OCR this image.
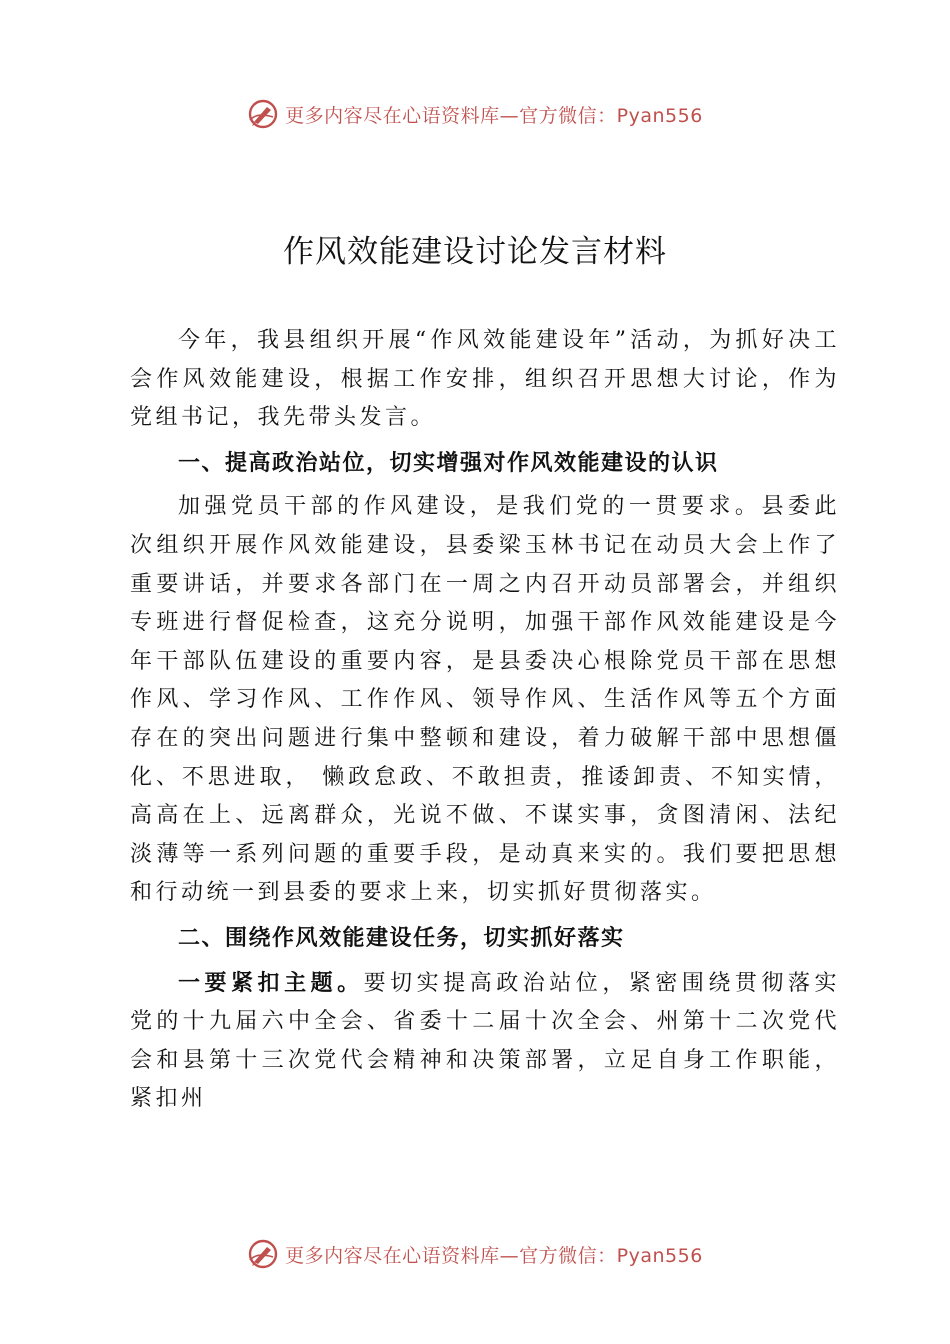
更多内容尽在心语资料库—官方微信：Pyan556
作风效能建设讨论发言材料

今年，我县组织开展“作风效能建设年”活动，为抓好决工会作风效能建设，根据工作安排，组织召开思想大讨论，作为党组书记，我先带头发言。

一、提高政治站位，切实增强对作风效能建设的认识

加强党员干部的作风建设，是我们党的一贯要求。县委此次组织开展作风效能建设，县委梁玉林书记在动员大会上作了重要讲话，并要求各部门在一周之内召开动员部署会，并组织专班进行督促检查，这充分说明，加强干部作风效能建设是今年干部队伍建设的重要内容，是县委决心根除党员干部在思想作风、学习作风、工作作风、领导作风、生活作风等五个方面存在的突出问题进行集中整顿和建设，着力破解干部中思想僵化、不思进取， 懒政怠政、不敢担责，推诿卸责、不知实情，高高在上、远离群众，光说不做、不谋实事，贪图清闲、法纪淡薄等一系列问题的重要手段，是动真来实的。我们要把思想和行动统一到县委的要求上来，切实抓好贯彻落实。

二、围绕作风效能建设任务，切实抓好落实

一要紧扣主题。要切实提高政治站位，紧密围绕贯彻落实党的十九届六中全会、省委十二届十次全会、州第十二次党代会和县第十三次党代会精神和决策部署，立足自身工作职能，紧扣州

更多内容尽在心语资料库—官方微信：Pyan556
